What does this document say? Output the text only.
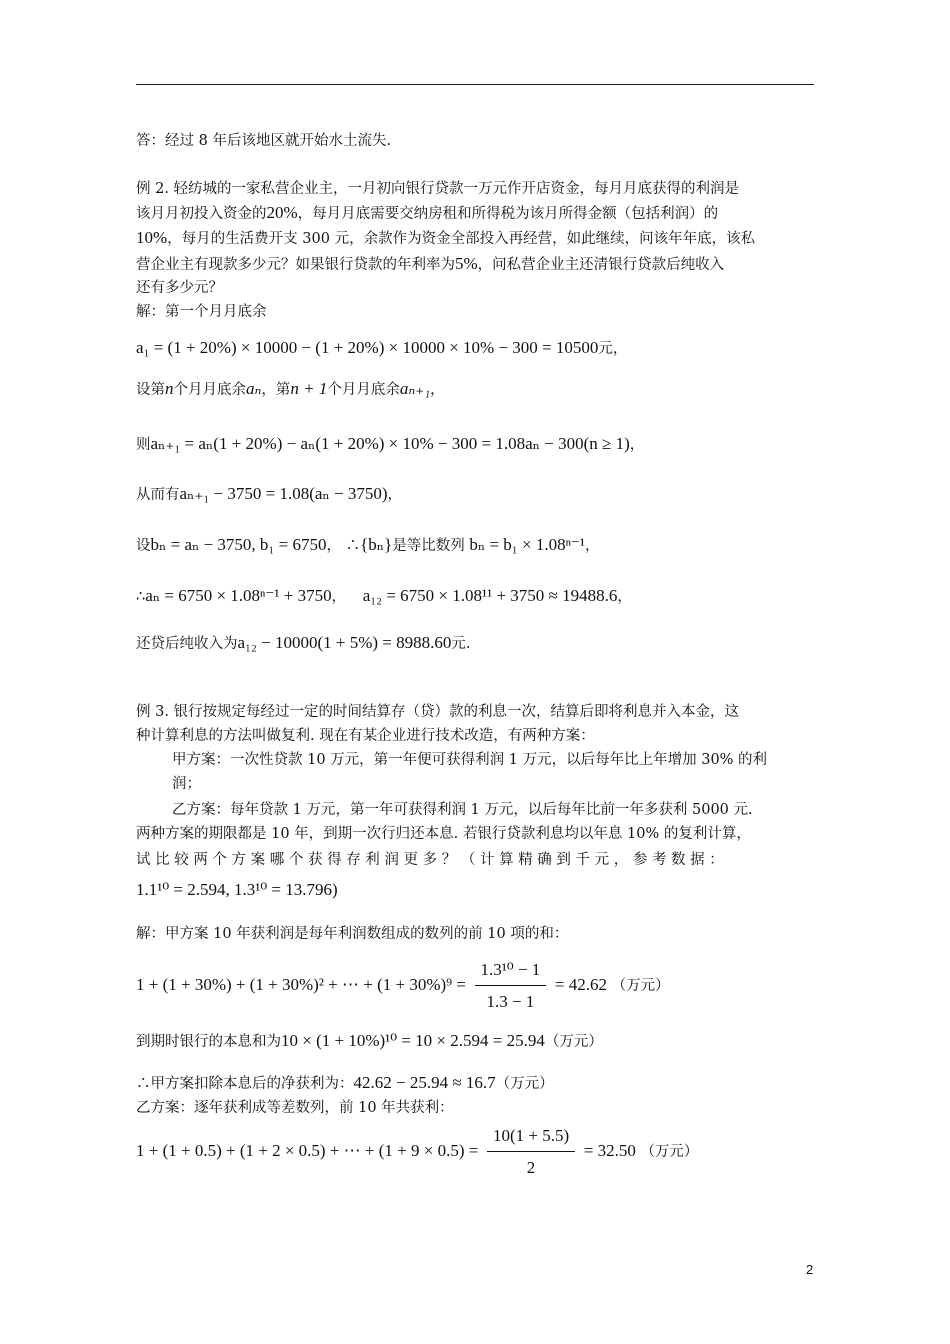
答：经过 8 年后该地区就开始水土流失.
例 2. 轻纺城的一家私营企业主，一月初向银行贷款一万元作开店资金，每月月底获得的利润是
该月月初投入资金的20%，每月月底需要交纳房租和所得税为该月所得金额（包括利润）的
10%，每月的生活费开支 300 元，余款作为资金全部投入再经营，如此继续，问该年年底，该私
营企业主有现款多少元？如果银行贷款的年利率为5%，问私营企业主还清银行贷款后纯收入
还有多少元？
解：第一个月月底余
a₁ = (1 + 20%) × 10000 − (1 + 20%) × 10000 × 10% − 300 = 10500元，
设第n个月月底余aₙ，第n + 1个月月底余aₙ₊₁，
则aₙ₊₁ = aₙ(1 + 20%) − aₙ(1 + 20%) × 10% − 300 = 1.08aₙ − 300(n ≥ 1)，
从而有aₙ₊₁ − 3750 = 1.08(aₙ − 3750)，
设bₙ = aₙ − 3750, b₁ = 6750， ∴{bₙ}是等比数列 bₙ = b₁ × 1.08ⁿ⁻¹，
∴aₙ = 6750 × 1.08ⁿ⁻¹ + 3750， a₁₂ = 6750 × 1.08¹¹ + 3750 ≈ 19488.6，
还贷后纯收入为a₁₂ − 10000(1 + 5%) = 8988.60元.
例 3. 银行按规定每经过一定的时间结算存（贷）款的利息一次，结算后即将利息并入本金，这
种计算利息的方法叫做复利. 现在有某企业进行技术改造，有两种方案：
甲方案：一次性贷款 10 万元，第一年便可获得利润 1 万元，以后每年比上年增加 30% 的利
润；
乙方案：每年贷款 1 万元，第一年可获得利润 1 万元，以后每年比前一年多获利 5000 元.
两种方案的期限都是 10 年，到期一次行归还本息. 若银行贷款利息均以年息 10% 的复利计算，
试 比 较 两 个 方 案 哪 个 获 得 存 利 润 更 多 ？ （ 计 算 精 确 到 千 元 ， 参 考 数 据 ：
1.1¹⁰ = 2.594, 1.3¹⁰ = 13.796)
解：甲方案 10 年获利润是每年利润数组成的数列的前 10 项的和：
1 + (1 + 30%) + (1 + 30%)² + ⋯ + $(1 + 30\%)^9 = \frac{\text{1.3¹⁰ − 1}}{1.3 - 1} = 42.62$ （万元）
到期时银行的本息和为10 × (1 + 10%)¹⁰ = 10 × 2.594 = 25.94（万元）
∴甲方案扣除本息后的净获利为：42.62 − 25.94 ≈ 16.7（万元）
乙方案：逐年获利成等差数列，前 10 年共获利：
1 + (1 + 0.5) + (1 + 2 × 0.5) + ⋯ + $(1 + 9 \times 0.5) = \frac{10(1 + 5.5)}{2} = 32.50$ （万元）
2
